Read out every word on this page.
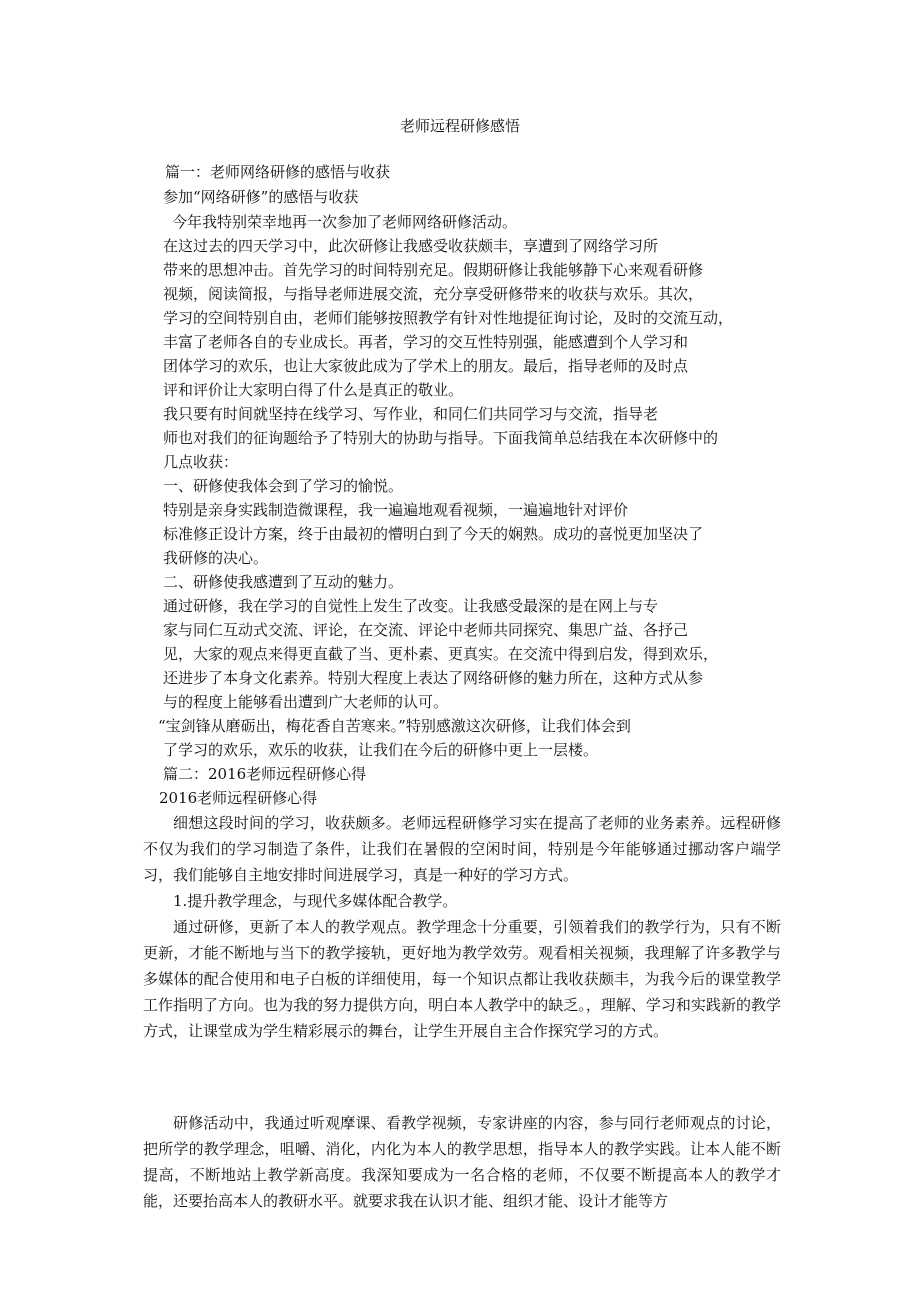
老师远程研修感悟
篇一：老师网络研修的感悟与收获
参加“网络研修”的感悟与收获
今年我特别荣幸地再一次参加了老师网络研修活动。
在这过去的四天学习中，此次研修让我感受收获颇丰，享遭到了网络学习所
带来的思想冲击。首先学习的时间特别充足。假期研修让我能够静下心来观看研修
视频，阅读简报，与指导老师进展交流，充分享受研修带来的收获与欢乐。其次，
学习的空间特别自由，老师们能够按照教学有针对性地提征询讨论，及时的交流互动，
丰富了老师各自的专业成长。再者，学习的交互性特别强，能感遭到个人学习和
团体学习的欢乐，也让大家彼此成为了学术上的朋友。最后，指导老师的及时点
评和评价让大家明白得了什么是真正的敬业。
我只要有时间就坚持在线学习、写作业，和同仁们共同学习与交流，指导老
师也对我们的征询题给予了特别大的协助与指导。下面我简单总结我在本次研修中的
几点收获：
一、研修使我体会到了学习的愉悦。
特别是亲身实践制造微课程，我一遍遍地观看视频，一遍遍地针对评价
标准修正设计方案，终于由最初的懵明白到了今天的娴熟。成功的喜悦更加坚决了
我研修的决心。
二、研修使我感遭到了互动的魅力。
通过研修，我在学习的自觉性上发生了改变。让我感受最深的是在网上与专
家与同仁互动式交流、评论，在交流、评论中老师共同探究、集思广益、各抒己
见，大家的观点来得更直截了当、更朴素、更真实。在交流中得到启发，得到欢乐，
还进步了本身文化素养。特别大程度上表达了网络研修的魅力所在，这种方式从参
与的程度上能够看出遭到广大老师的认可。
“宝剑锋从磨砺出，梅花香自苦寒来。”特别感激这次研修，让我们体会到
了学习的欢乐，欢乐的收获，让我们在今后的研修中更上一层楼。
篇二：2016老师远程研修心得
2016老师远程研修心得
细想这段时间的学习，收获颇多。老师远程研修学习实在提高了老师的业务素养。远程研修不仅为我们的学习制造了条件，让我们在暑假的空闲时间，特别是今年能够通过挪动客户端学习，我们能够自主地安排时间进展学习，真是一种好的学习方式。
1.提升教学理念，与现代多媒体配合教学。
通过研修，更新了本人的教学观点。教学理念十分重要，引领着我们的教学行为，只有不断更新，才能不断地与当下的教学接轨，更好地为教学效劳。观看相关视频，我理解了许多教学与多媒体的配合使用和电子白板的详细使用，每一个知识点都让我收获颇丰，为我今后的课堂教学工作指明了方向。也为我的努力提供方向，明白本人教学中的缺乏。，理解、学习和实践新的教学方式，让课堂成为学生精彩展示的舞台，让学生开展自主合作探究学习的方式。
研修活动中，我通过听观摩课、看教学视频，专家讲座的内容，参与同行老师观点的讨论，把所学的教学理念，咀嚼、消化，内化为本人的教学思想，指导本人的教学实践。让本人能不断提高，不断地站上教学新高度。我深知要成为一名合格的老师，不仅要不断提高本人的教学才能，还要抬高本人的教研水平。就要求我在认识才能、组织才能、设计才能等方
